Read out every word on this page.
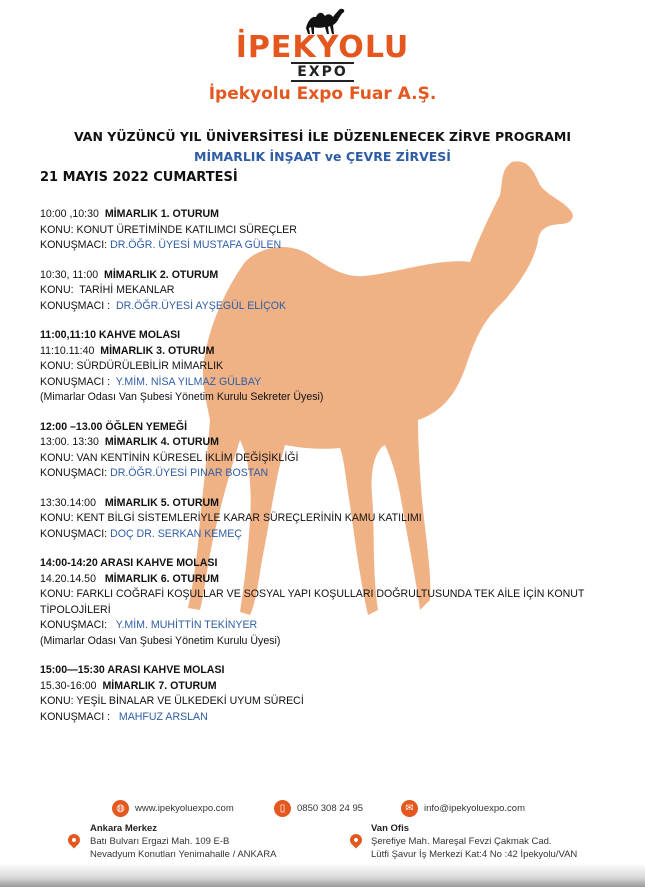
İPEKYOLU
EXPO
İpekyolu Expo Fuar A.Ş.
VAN YÜZÜNCÜ YIL ÜNİVERSİTESİ İLE DÜZENLENECEK ZİRVE PROGRAMI
MİMARLIK İNŞAAT ve ÇEVRE ZİRVESİ
21 MAYIS 2022 CUMARTESİ
10:00 ,10:30 MİMARLIK 1. OTURUM
KONU: KONUT ÜRETİMİNDE KATILIMCI SÜREÇLER
KONUŞMACI: DR.ÖĞR. ÜYESİ MUSTAFA GÜLEN
10:30, 11:00 MİMARLIK 2. OTURUM
KONU: TARİHİ MEKANLAR
KONUŞMACI : DR.ÖĞR.ÜYESİ AYŞEGÜL ELİÇOK
11:00,11:10 KAHVE MOLASI
11:10.11:40 MİMARLIK 3. OTURUM
KONU: SÜRDÜRÜLEBİLİR MİMARLIK
KONUŞMACI : Y.MİM. NİSA YILMAZ GÜLBAY
(Mimarlar Odası Van Şubesi Yönetim Kurulu Sekreter Üyesi)
12:00 –13.00 ÖĞLEN YEMEĞİ
13:00. 13:30 MİMARLIK 4. OTURUM
KONU: VAN KENTİNİN KÜRESEL İKLİM DEĞİŞİKLİĞİ
KONUŞMACI: DR.ÖĞR.ÜYESİ PINAR BOSTAN
13:30.14:00 MİMARLIK 5. OTURUM
KONU: KENT BİLGİ SİSTEMLERİYLE KARAR SÜREÇLERİNİN KAMU KATILIMI
KONUŞMACI: DOÇ DR. SERKAN KEMEÇ
14:00-14:20 ARASI KAHVE MOLASI
14.20.14.50 MİMARLIK 6. OTURUM
KONU: FARKLI COĞRAFİ KOŞULLAR VE SOSYAL YAPI KOŞULLARI DOĞRULTUSUNDA TEK AİLE İÇİN KONUT TİPOLOJİLERİ
KONUŞMACI: Y.MİM. MUHİTTİN TEKİNYER
(Mimarlar Odası Van Şubesi Yönetim Kurulu Üyesi)
15:00—15:30 ARASI KAHVE MOLASI
15.30-16:00 MİMARLIK 7. OTURUM
KONU: YEŞİL BİNALAR VE ÜLKEDEKİ UYUM SÜRECİ
KONUŞMACI : MAHFUZ ARSLAN
◍	www.ipekyoluexpo.com	▯	0850 308 24 95	✉	info@ipekyoluexpo.com
Ankara Merkez
Batı Bulvarı Ergazi Mah. 109 E-B
Nevadyum Konutları Yenimahalle / ANKARA
Van Ofis
Şerefiye Mah. Mareşal Fevzi Çakmak Cad.
Lütfi Şavur İş Merkezi Kat:4 No :42 İpekyolu/VAN
